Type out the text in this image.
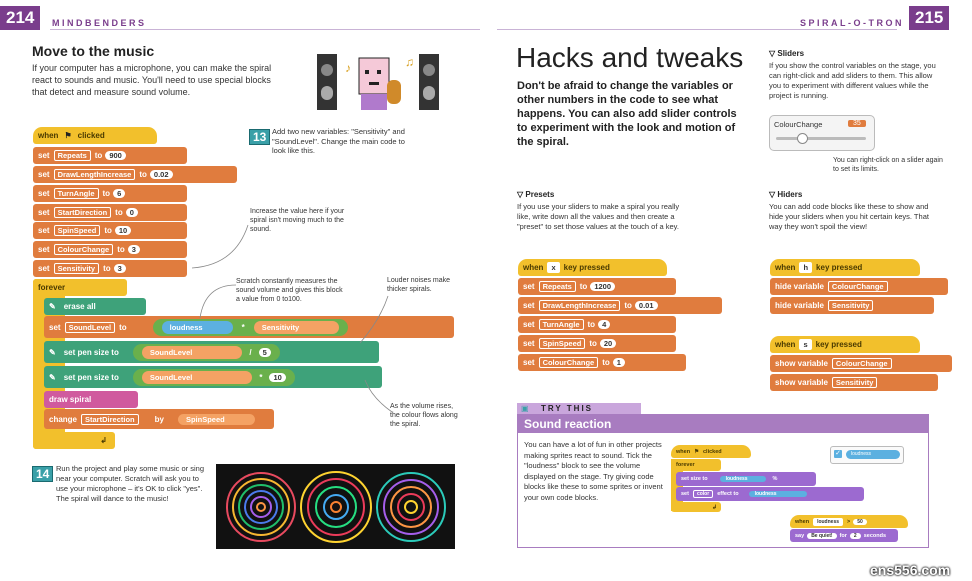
214	MINDBENDERS
Move to the music
If your computer has a microphone, you can make the spiral react to sounds and music. You'll need to use special blocks that detect and measure sound volume.
♪	♫
13 Add two new variables: "Sensitivity" and "SoundLevel". Change the main code to look like this.
when ⚑ clicked
set	Repeats	to 900
set	DrawLengthIncrease	to 0.02
set	TurnAngle	to 6
set	StartDirection	to 0
set	SpinSpeed	to 10
set	ColourChange	to 3
set	Sensitivity	to 3
forever
↲
✎ erase all
set	SoundLevel	to	loudness	*	Sensitivity
✎ set pen size to	SoundLevel	/	5
✎ set pen size to	SoundLevel	*	10
draw spiral
change	StartDirection	by	SpinSpeed
Increase the value here if your spiral isn't moving much to the sound.
Scratch constantly measures the sound volume and gives this block a value from 0 to100.
Louder noises make thicker spirals.
As the volume rises, the colour flows along the spiral.
14 Run the project and play some music or sing near your computer. Scratch will ask you to use your microphone – it's OK to click "yes". The spiral will dance to the music!
SPIRAL-O-TRON 215
Hacks and tweaks
Don't be afraid to change the variables or other numbers in the code to see what happens. You can also add slider controls to experiment with the look and motion of the spiral.
▽ Sliders
If you show the control variables on the stage, you can right-click and add sliders to them. This allow you to experiment with different values while the project is running.
ColourChange	35
You can right-click on a slider again to set its limits.
▽ Presets
If you use your sliders to make a spiral you really like, write down all the values and then create a "preset" to set those values at the touch of a key.
when	x	key pressed
set	Repeats	to 1200
set	DrawLengthIncrease	to 0.01
set	TurnAngle	to 4
set	SpinSpeed	to 20
set	ColourChange	to 1
▽ Hiders
You can add code blocks like these to show and hide your sliders when you hit certain keys. That way they won't spoil the view!
when	h	key pressed
hide variable	ColourChange
hide variable	Sensitivity
when	s	key pressed
show variable	ColourChange
show variable	Sensitivity
▣ TRY THIS
Sound reaction
You can have a lot of fun in other projects making sprites react to sound. Tick the "loudness" block to see the volume displayed on the stage. Try giving code blocks like these to some sprites or invent your own code blocks.
when ⚑ clicked
forever
set size to	loudness	%
set	color	effect to	loudness
↲
✓	loudness
when	loudness	>	50
say	Be quiet!	for	2	seconds
ens556.com
